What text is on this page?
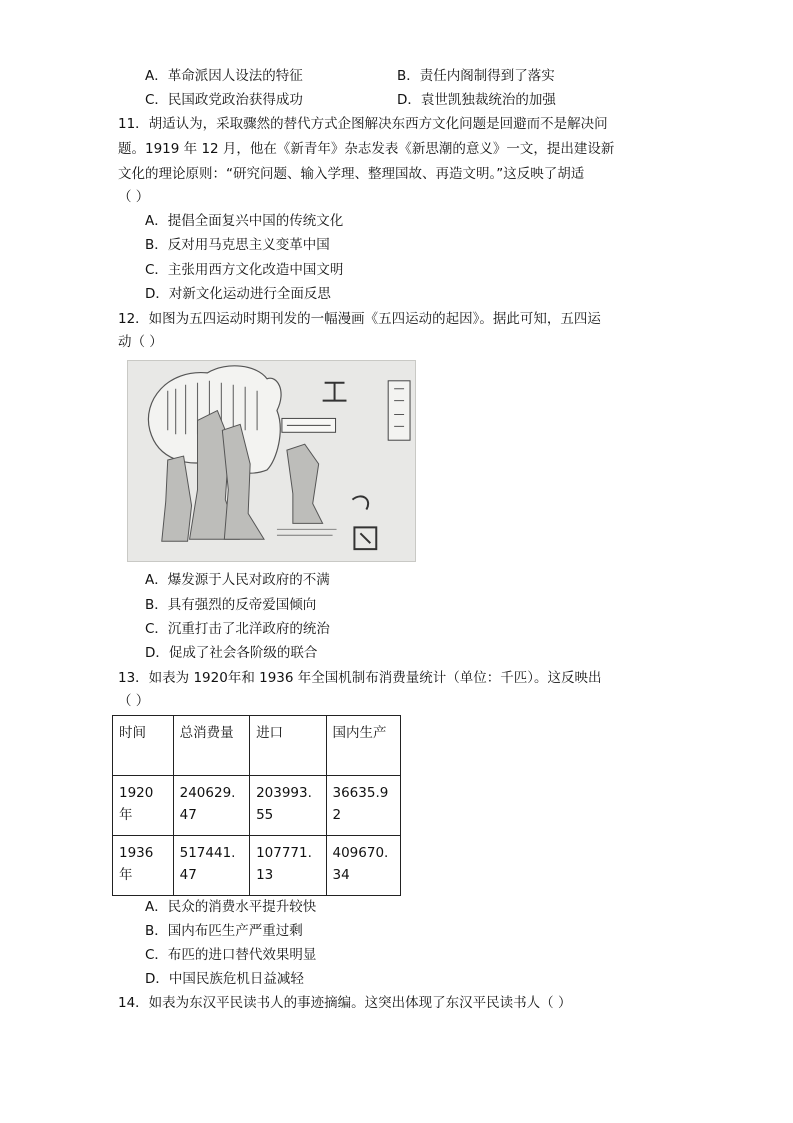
A．革命派因人设法的特征	B．责任内阁制得到了落实
C．民国政党政治获得成功	D．袁世凯独裁统治的加强
11．胡适认为，采取骤然的替代方式企图解决东西方文化问题是回避而不是解决问
题。1919 年 12 月，他在《新青年》杂志发表《新思潮的意义》一文，提出建设新
文化的理论原则：“研究问题、输入学理、整理国故、再造文明。”这反映了胡适
（ ）
A．提倡全面复兴中国的传统文化
B．反对用马克思主义变革中国
C．主张用西方文化改造中国文明
D．对新文化运动进行全面反思
12．如图为五四运动时期刊发的一幅漫画《五四运动的起因》。据此可知，五四运
动（ ）
A．爆发源于人民对政府的不满
B．具有强烈的反帝爱国倾向
C．沉重打击了北洋政府的统治
D．促成了社会各阶级的联合
13．如表为 1920年和 1936 年全国机制布消费量统计（单位：千匹）。这反映出
（ ）
时间	总消费量	进口	国内生产
1920年	240629.47	203993.55	36635.92
1936年	517441.47	107771.13	409670.34
A．民众的消费水平提升较快
B．国内布匹生产严重过剩
C．布匹的进口替代效果明显
D．中国民族危机日益减轻
14．如表为东汉平民读书人的事迹摘编。这突出体现了东汉平民读书人（ ）
